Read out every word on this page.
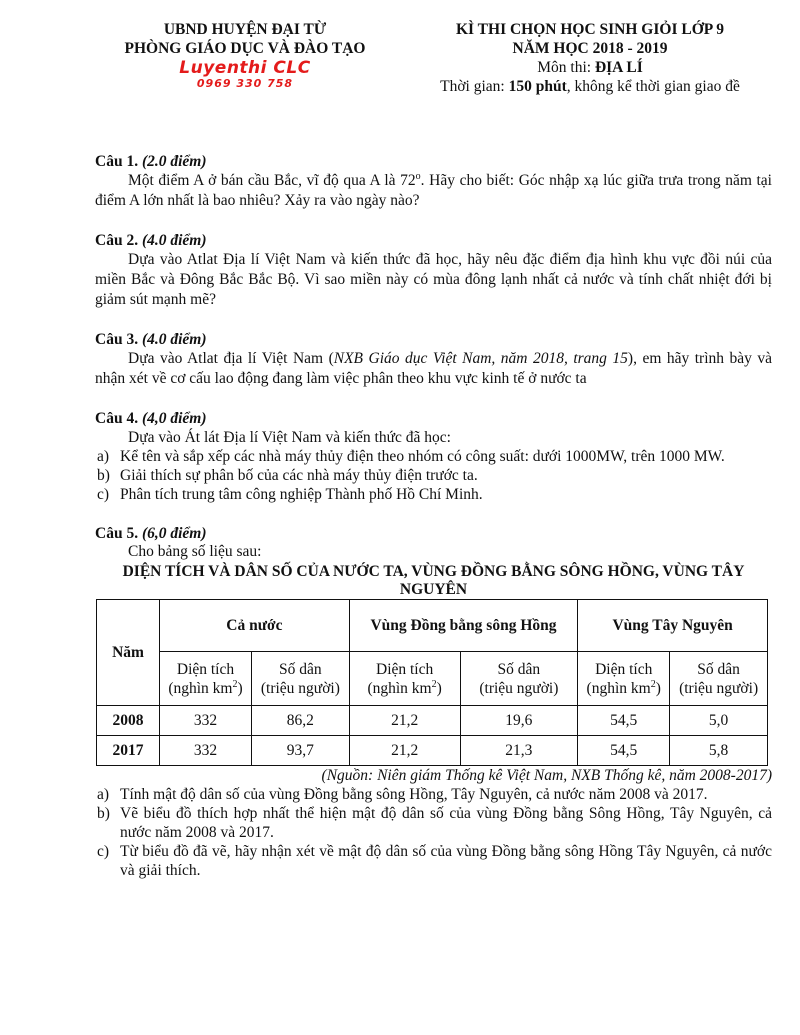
UBND HUYỆN ĐẠI TỪ
PHÒNG GIÁO DỤC VÀ ĐÀO TẠO
Luyenthi CLC
0969 330 758
KÌ THI CHỌN HỌC SINH GIỎI LỚP 9
NĂM HỌC 2018 - 2019
Môn thi: ĐỊA LÍ
Thời gian: 150 phút, không kể thời gian giao đề
Câu 1. (2.0 điểm)

Một điểm A ở bán cầu Bắc, vĩ độ qua A là 72$^o$. Hãy cho biết: Góc nhập xạ lúc giữa trưa trong năm tại điểm A lớn nhất là bao nhiêu? Xảy ra vào ngày nào?

Câu 2. (4.0 điểm)

Dựa vào Atlat Địa lí Việt Nam và kiến thức đã học, hãy nêu đặc điểm địa hình khu vực đồi núi của miền Bắc và Đông Bắc Bắc Bộ. Vì sao miền này có mùa đông lạnh nhất cả nước và tính chất nhiệt đới bị giảm sút mạnh mẽ?

Câu 3. (4.0 điểm)

Dựa vào Atlat địa lí Việt Nam (NXB Giáo dục Việt Nam, năm 2018, trang 15), em hãy trình bày và nhận xét về cơ cấu lao động đang làm việc phân theo khu vực kinh tế ở nước ta

Câu 4. (4,0 điểm)

Dựa vào Át lát Địa lí Việt Nam và kiến thức đã học:

a) Kể tên và sắp xếp các nhà máy thủy điện theo nhóm có công suất: dưới 1000MW, trên 1000 MW.
b) Giải thích sự phân bố của các nhà máy thủy điện trước ta.
c) Phân tích trung tâm công nghiệp Thành phố Hồ Chí Minh.
Câu 5. (6,0 điểm)

Cho bảng số liệu sau:

DIỆN TÍCH VÀ DÂN SỐ CỦA NƯỚC TA, VÙNG ĐỒNG BẰNG SÔNG HỒNG, VÙNG TÂY NGUYÊN
Năm	Cả nước		Vùng Đồng bằng sông Hồng		Vùng Tây Nguyên	
	Diện tích
(nghìn $km^2$)	Số dân
(triệu người)	Diện tích
(nghìn $km^2$)	Số dân
(triệu người)	Diện tích
(nghìn $km^2$)	Số dân
(triệu người)
2008	332	86,2	21,2	19,6	54,5	5,0
2017	332	93,7	21,2	21,3	54,5	5,8

(Nguồn: Niên giám Thống kê Việt Nam, NXB Thống kê, năm 2008-2017)

a) Tính mật độ dân số của vùng Đồng bằng sông Hồng, Tây Nguyên, cả nước năm 2008 và 2017.
b) Vẽ biểu đồ thích hợp nhất thể hiện mật độ dân số của vùng Đồng bằng Sông Hồng, Tây Nguyên, cả nước năm 2008 và 2017.
c) Từ biểu đồ đã vẽ, hãy nhận xét về mật độ dân số của vùng Đồng bằng sông Hồng Tây Nguyên, cả nước và giải thích.
